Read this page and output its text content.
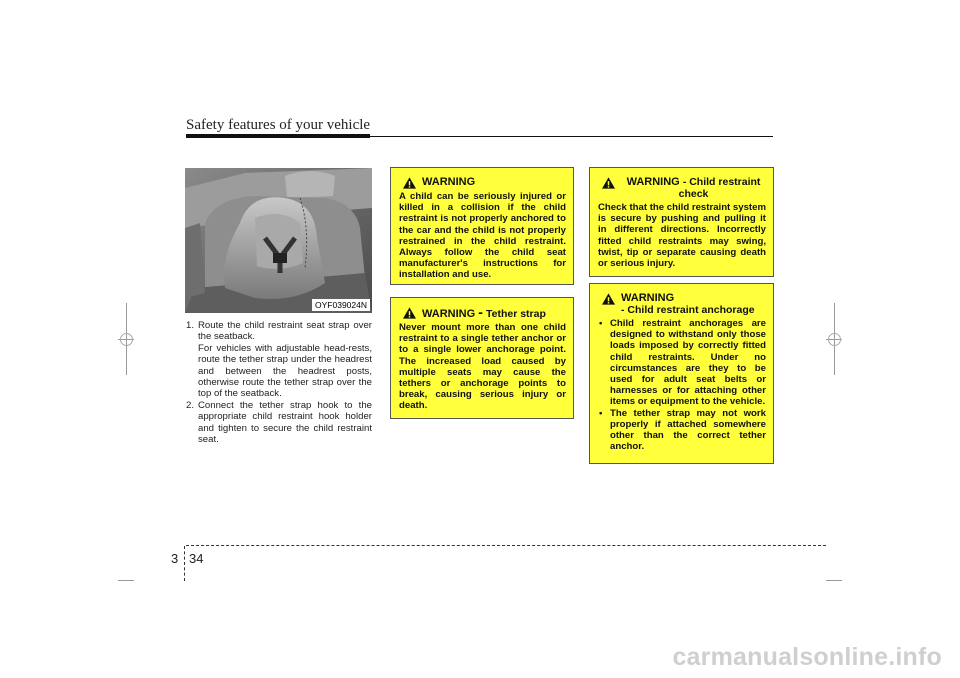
Safety features of your vehicle
OYF039024N
1. Route the child restraint seat strap over the seatback.

For vehicles with adjustable head-rests, route the tether strap under the headrest and between the headrest posts, otherwise route the tether strap over the top of the seatback.

2. Connect the tether strap hook to the appropriate child restraint hook holder and tighten to secure the child restraint seat.

WARNING
A child can be seriously injured or killed in a collision if the child restraint is not properly anchored to the car and the child is not properly restrained in the child restraint. Always follow the child seat manufacturer's instructions for installation and use.
WARNING - Tether strap
Never mount more than one child restraint to a single tether anchor or to a single lower anchorage point. The increased load caused by multiple seats may cause the tethers or anchorage points to break, causing serious injury or death.
WARNING - Child restraint check
Check that the child restraint system is secure by pushing and pulling it in different directions. Incorrectly fitted child restraints may swing, twist, tip or separate causing death or serious injury.
WARNING
- Child restraint anchorage
• Child restraint anchorages are designed to withstand only those loads imposed by correctly fitted child restraints. Under no circumstances are they to be used for adult seat belts or harnesses or for attaching other items or equipment to the vehicle.
• The tether strap may not work properly if attached somewhere other than the correct tether anchor.
3 34
carmanualsonline.info
